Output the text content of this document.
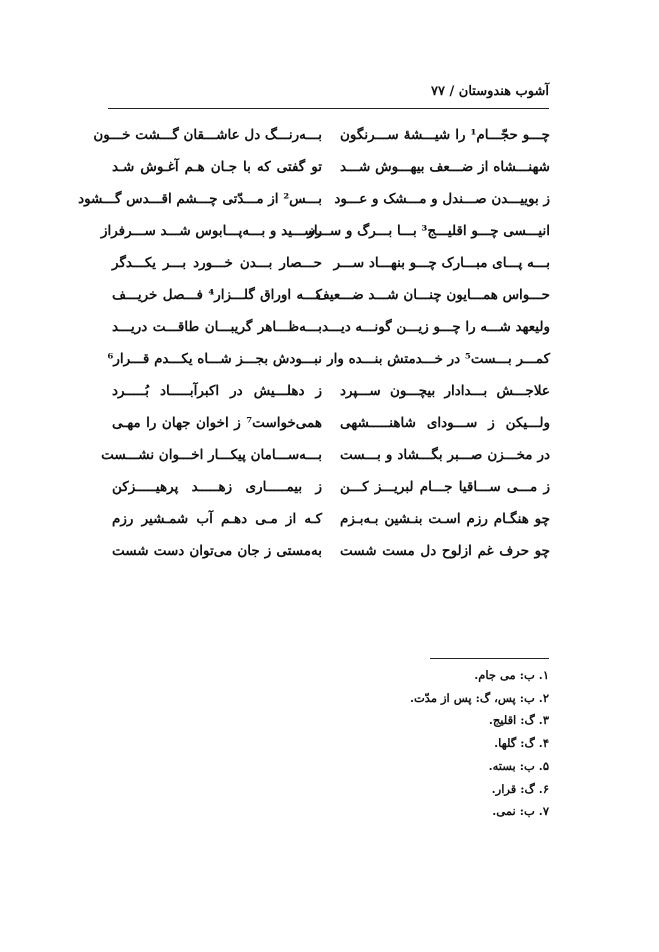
آشوب هندوستان / ۷۷
چـــو حجّـــام¹ را شیـــشهٔ ســـرنگون
بـــه‌رنـــگ دل عاشـــقان گـــشت خـــون
شهنـــشاه از ضـــعف بیهـــوش شـــد
تو گفتی که با جـان هـم آغـوش شـد
ز بوییـــدن صـــندل و مـــشک و عـــود
بـــس² از مـــدّتی چـــشم اقـــدس گـــشود
انیـــسی چـــو اقلیـــج³ بـــا بـــرگ و ســـاز
رســـید و بـــه‌پـــابوس شـــد ســـرفراز
بـــه پـــای مبـــارک چـــو بنهـــاد ســـر
حـــصار بـــدن خـــورد بـــر یکـــدگر
حـــواس همـــایون چنـــان شـــد ضـــعیف
کـــه اوراق گلـــزار⁴ فـــصل خریـــف
ولیعهد شـــه را چـــو زیـــن گونـــه دیـــد
بـــه‌ظـــاهر گریبـــان طاقـــت دریـــد
کمـــر بـــست⁵ در خـــدمتش بنـــده وار
نبـــودش بجـــز شـــاه یکـــدم قـــرار⁶
علاجـــش بـــدادار بیچـــون ســـپرد
ز دهلـــیش در اکبرآبـــــاد بُـــــرد
ولـــیکن ز ســـودای شاهنـــــشهی
همی‌خواست⁷ ز اخوان جهان را مهـی
در مخـــزن صـــبر بگـــشاد و بـــست
بـــه‌ســـامان پیکـــار اخـــوان نشـــست
ز مـــی ســـاقیا جـــام لبریـــز کـــن
ز بیمـــــاری زهـــــد پرهیـــــزکن
چو هنگـام رزم اسـت بنـشین بـه‌بـزم
کـه از مـی دهـم آب شمـشیر رزم
چو حرف غم ازلوح دل مست شست
به‌مستی ز جان می‌توان دست شست
۱. ب: می جام.
۲. ب: پس، گ: پس از مدّت.
۳. گ: اقلیج.
۴. گ: گلها.
۵. ب: بسته.
۶. گ: قرار.
۷. ب: نمی.
